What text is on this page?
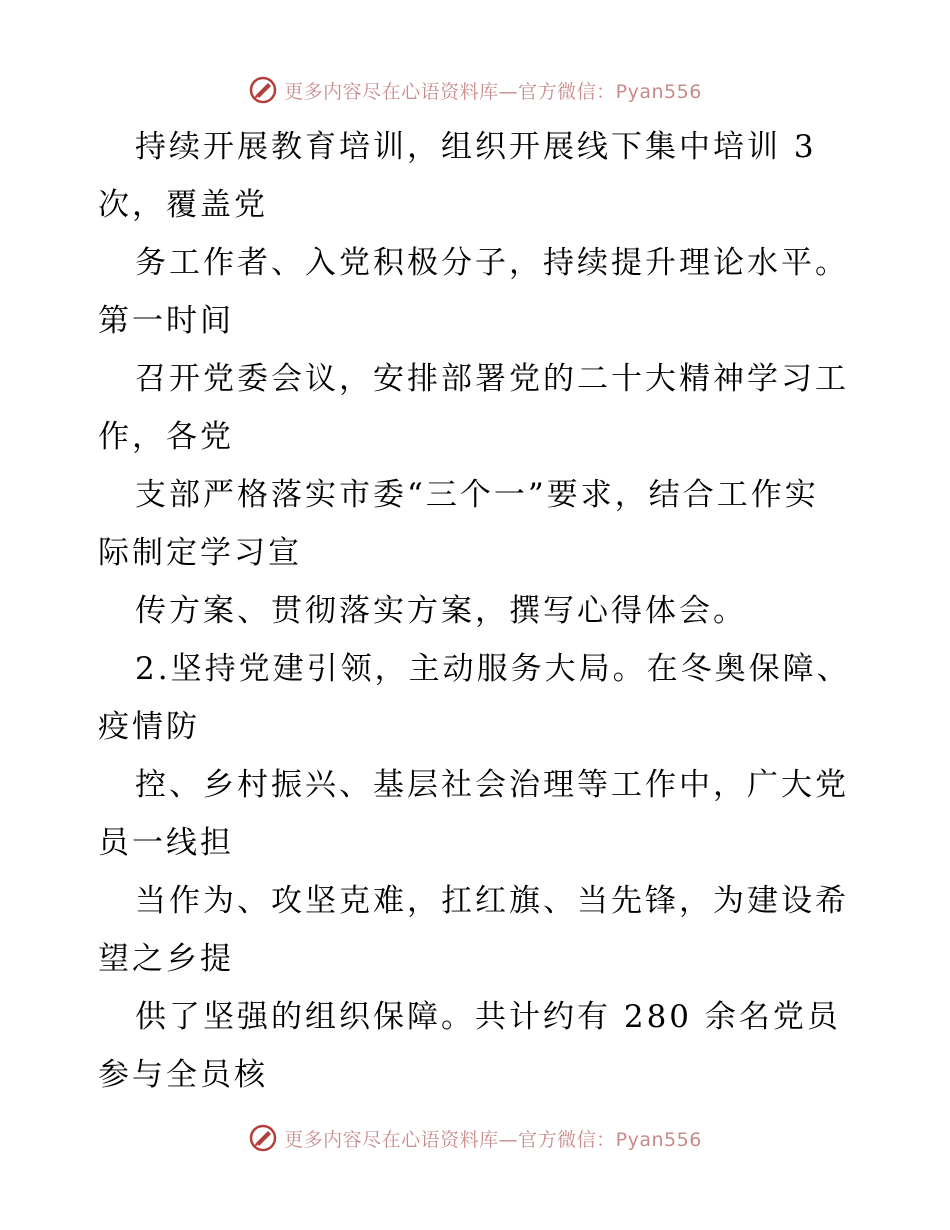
更多内容尽在心语资料库—官方微信：Pyan556
持续开展教育培训，组织开展线下集中培训 3
次，覆盖党
务工作者、入党积极分子，持续提升理论水平。
第一时间
召开党委会议，安排部署党的二十大精神学习工
作，各党
支部严格落实市委“三个一”要求，结合工作实
际制定学习宣
传方案、贯彻落实方案，撰写心得体会。
2.坚持党建引领，主动服务大局。在冬奥保障、
疫情防
控、乡村振兴、基层社会治理等工作中，广大党
员一线担
当作为、攻坚克难，扛红旗、当先锋，为建设希
望之乡提
供了坚强的组织保障。共计约有 280 余名党员
参与全员核
更多内容尽在心语资料库—官方微信：Pyan556
